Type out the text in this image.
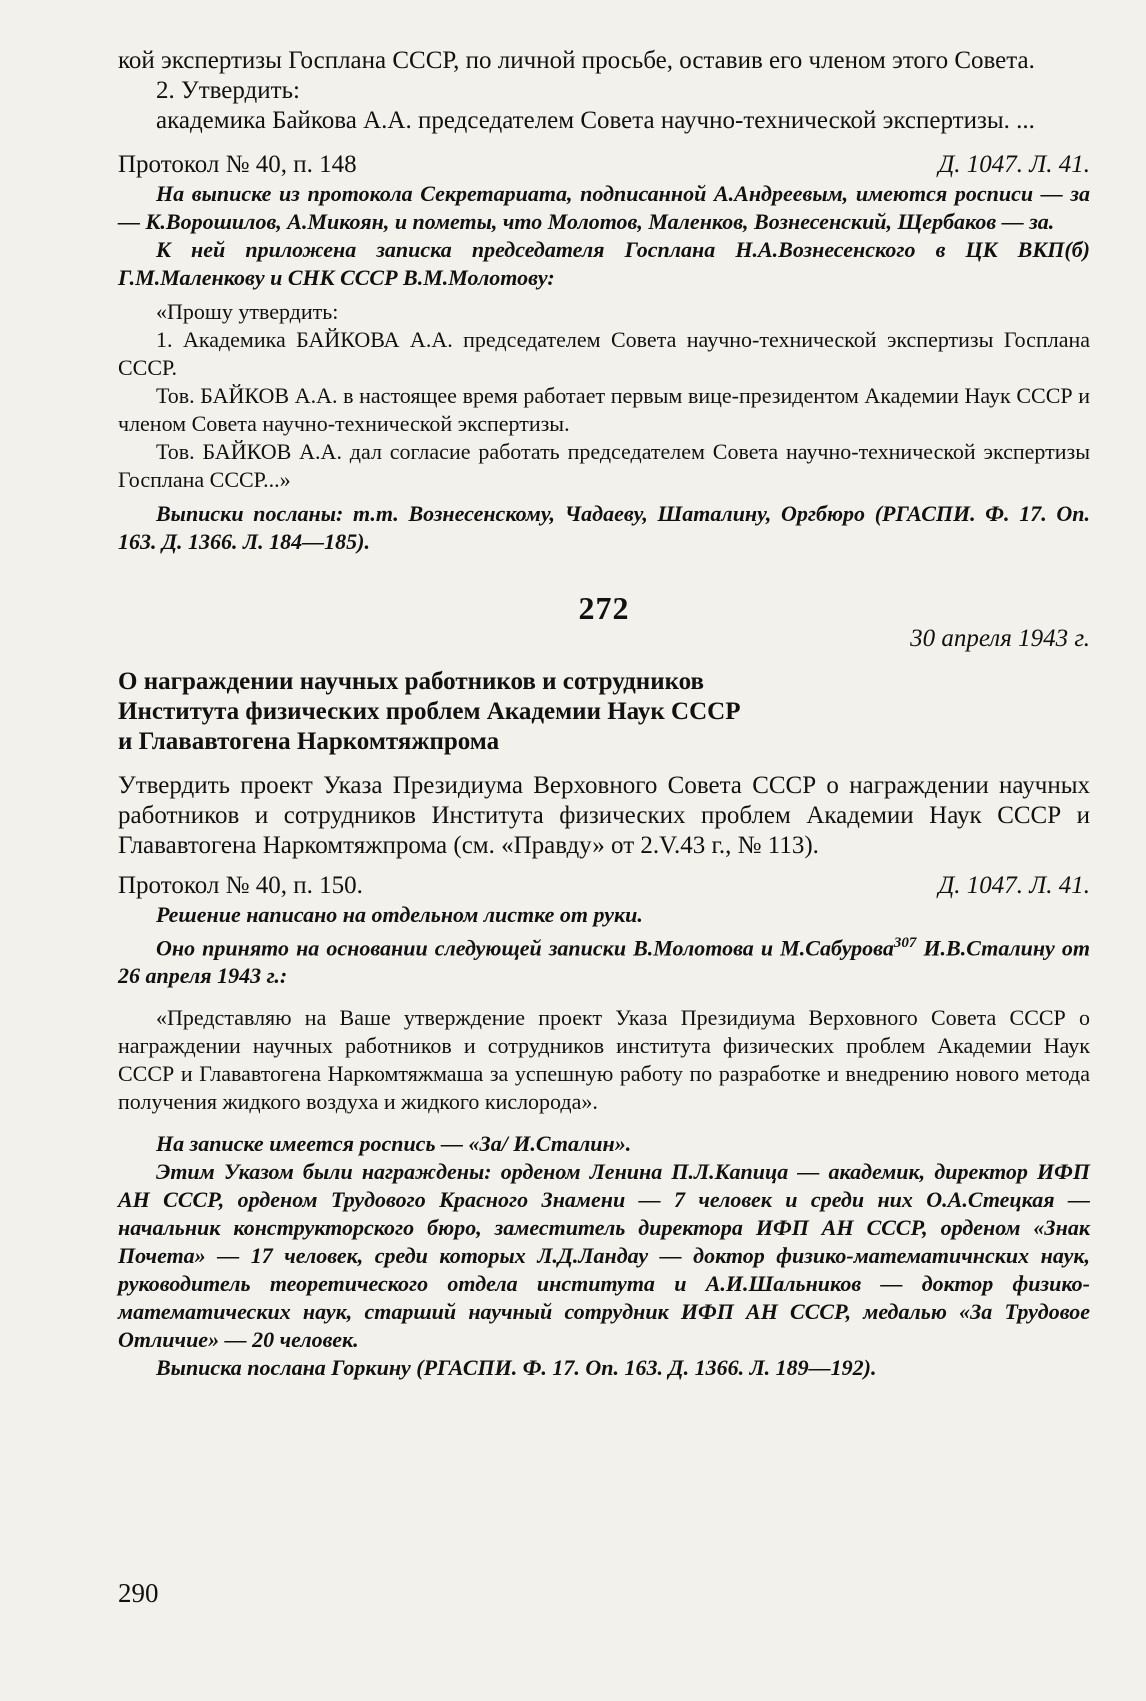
кой экспертизы Госплана СССР, по личной просьбе, оставив его членом этого Совета.

2. Утвердить:

академика Байкова А.А. председателем Совета научно-технической экспертизы. ...

Протокол № 40, п. 148	Д. 1047. Л. 41.

На выписке из протокола Секретариата, подписанной А.Андреевым, имеются росписи — за — К.Ворошилов, А.Микоян, и пометы, что Молотов, Маленков, Вознесенский, Щербаков — за.

К ней приложена записка председателя Госплана Н.А.Вознесенского в ЦК ВКП(б) Г.М.Маленкову и СНК СССР В.М.Молотову:

«Прошу утвердить:

1. Академика БАЙКОВА А.А. председателем Совета научно-технической экспертизы Госплана СССР.

Тов. БАЙКОВ А.А. в настоящее время работает первым вице-президентом Академии Наук СССР и членом Совета научно-технической экспертизы.

Тов. БАЙКОВ А.А. дал согласие работать председателем Совета научно-технической экспертизы Госплана СССР...»

Выписки посланы: т.т. Вознесенскому, Чадаеву, Шаталину, Оргбюро (РГАСПИ. Ф. 17. Оп. 163. Д. 1366. Л. 184—185).

272
30 апреля 1943 г.
О награждении научных работников и сотрудников
Института физических проблем Академии Наук СССР
и Глававтогена Наркомтяжпрома

Утвердить проект Указа Президиума Верховного Совета СССР о награждении научных работников и сотрудников Института физических проблем Академии Наук СССР и Глававтогена Наркомтяжпрома (см. «Правду» от 2.V.43 г., № 113).

Протокол № 40, п. 150.	Д. 1047. Л. 41.

Решение написано на отдельном листке от руки.

Оно принято на основании следующей записки В.Молотова и М.Сабурова$^{307}$ И.В.Сталину от 26 апреля 1943 г.:

«Представляю на Ваше утверждение проект Указа Президиума Верховного Совета СССР о награждении научных работников и сотрудников института физических проблем Академии Наук СССР и Глававтогена Наркомтяжмаша за успешную работу по разработке и внедрению нового метода получения жидкого воздуха и жидкого кислорода».

На записке имеется роспись — «За/ И.Сталин».

Этим Указом были награждены: орденом Ленина П.Л.Капица — академик, директор ИФП АН СССР, орденом Трудового Красного Знамени — 7 человек и среди них О.А.Стецкая — начальник конструкторского бюро, заместитель директора ИФП АН СССР, орденом «Знак Почета» — 17 человек, среди которых Л.Д.Ландау — доктор физико-математичнских наук, руководитель теоретического отдела института и А.И.Шальников — доктор физико-математических наук, старший научный сотрудник ИФП АН СССР, медалью «За Трудовое Отличие» — 20 человек.

Выписка послана Горкину (РГАСПИ. Ф. 17. Оп. 163. Д. 1366. Л. 189—192).

290
